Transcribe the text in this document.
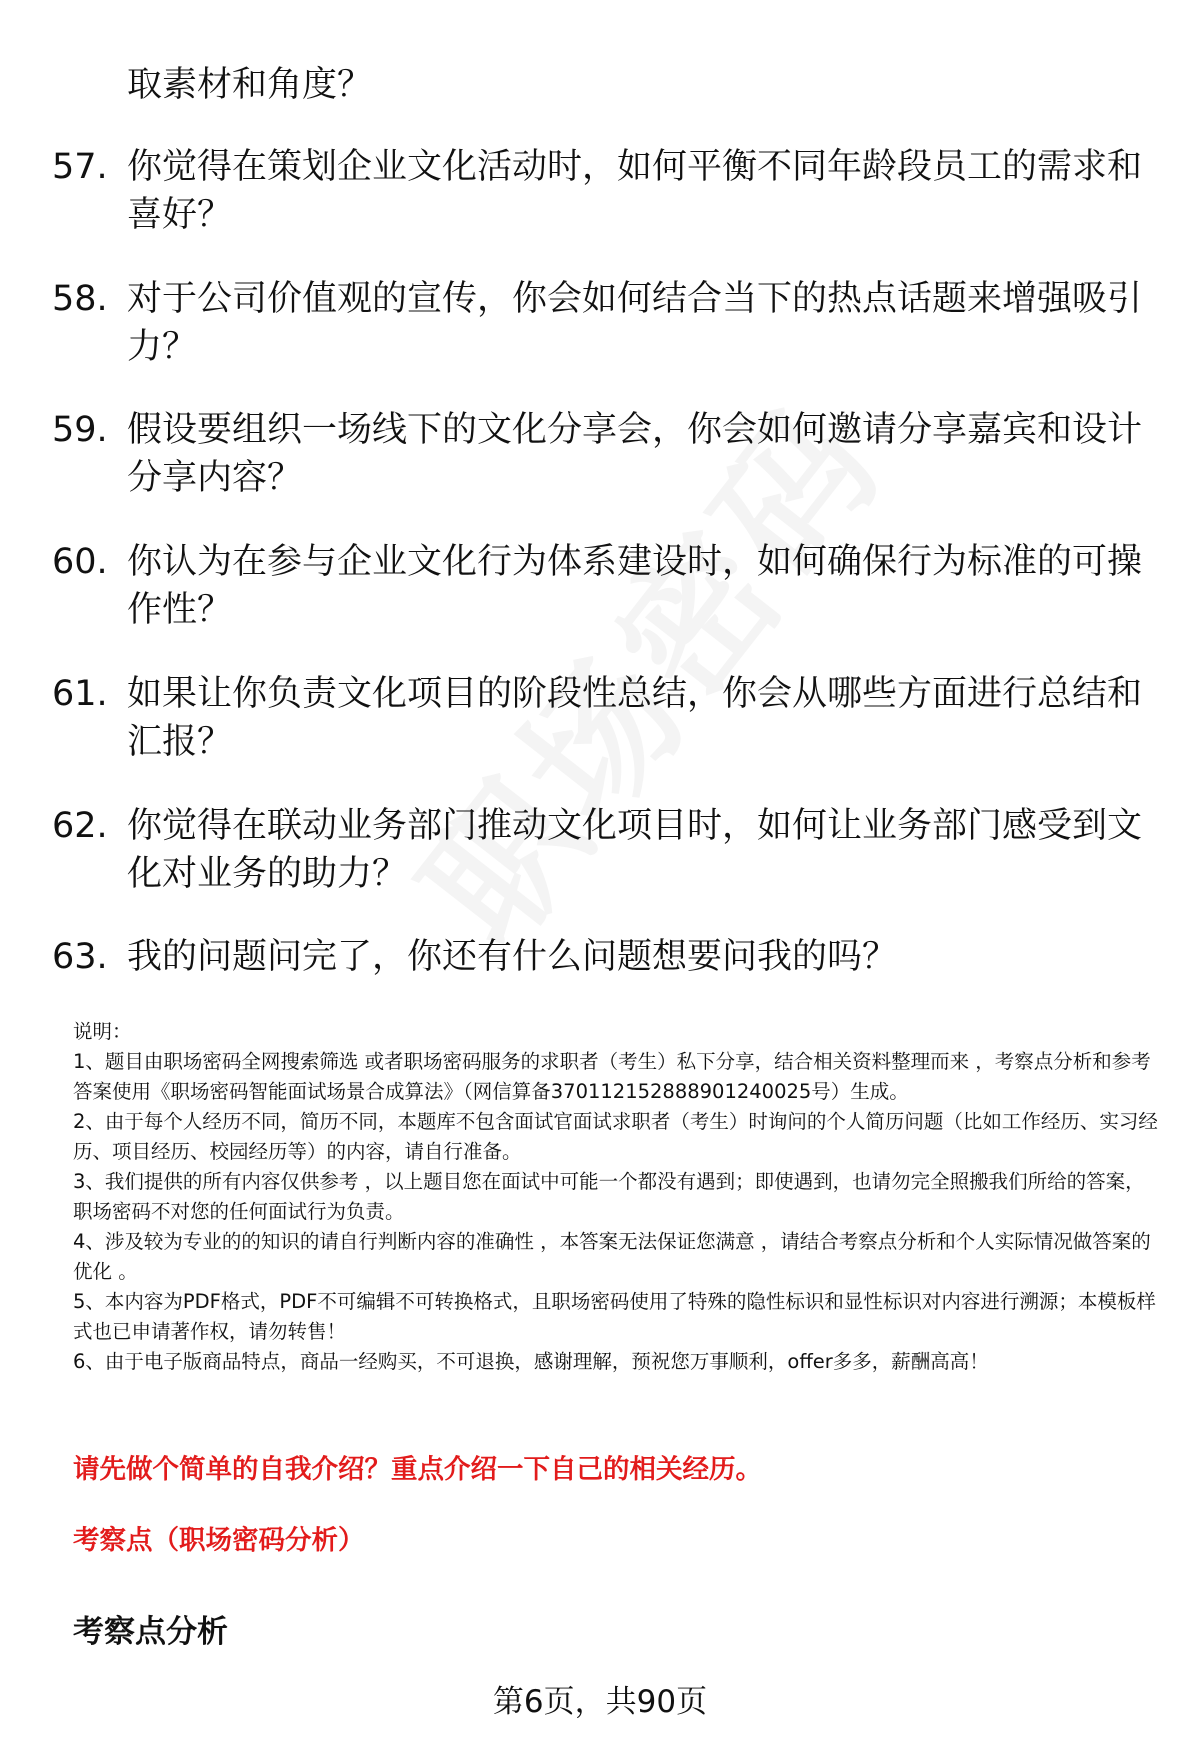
取素材和角度？
57. 你觉得在策划企业文化活动时，如何平衡不同年龄段员工的需求和喜好？
58. 对于公司价值观的宣传，你会如何结合当下的热点话题来增强吸引力？
59. 假设要组织一场线下的文化分享会，你会如何邀请分享嘉宾和设计分享内容？
60. 你认为在参与企业文化行为体系建设时，如何确保行为标准的可操作性？
61. 如果让你负责文化项目的阶段性总结，你会从哪些方面进行总结和汇报？
62. 你觉得在联动业务部门推动文化项目时，如何让业务部门感受到文化对业务的助力？
63. 我的问题问完了，你还有什么问题想要问我的吗？

说明：

1、题目由职场密码全网搜索筛选 或者职场密码服务的求职者（考生）私下分享，结合相关资料整理而来 ，考察点分析和参考答案使用《职场密码智能面试场景合成算法》（网信算备370112152888901240025号）生成。

2、由于每个人经历不同，简历不同，本题库不包含面试官面试求职者（考生）时询问的个人简历问题（比如工作经历、实习经历、项目经历、校园经历等）的内容，请自行准备。

3、我们提供的所有内容仅供参考 ，以上题目您在面试中可能一个都没有遇到；即使遇到，也请勿完全照搬我们所给的答案，职场密码不对您的任何面试行为负责。

4、涉及较为专业的的知识的请自行判断内容的准确性 ，本答案无法保证您满意 ，请结合考察点分析和个人实际情况做答案的优化 。

5、本内容为PDF格式，PDF不可编辑不可转换格式，且职场密码使用了特殊的隐性标识和显性标识对内容进行溯源；本模板样式也已申请著作权，请勿转售！

6、由于电子版商品特点，商品一经购买，不可退换，感谢理解，预祝您万事顺利，offer多多，薪酬高高！

请先做个简单的自我介绍？重点介绍一下自己的相关经历。
考察点（职场密码分析）
考察点分析
第6页，共90页
